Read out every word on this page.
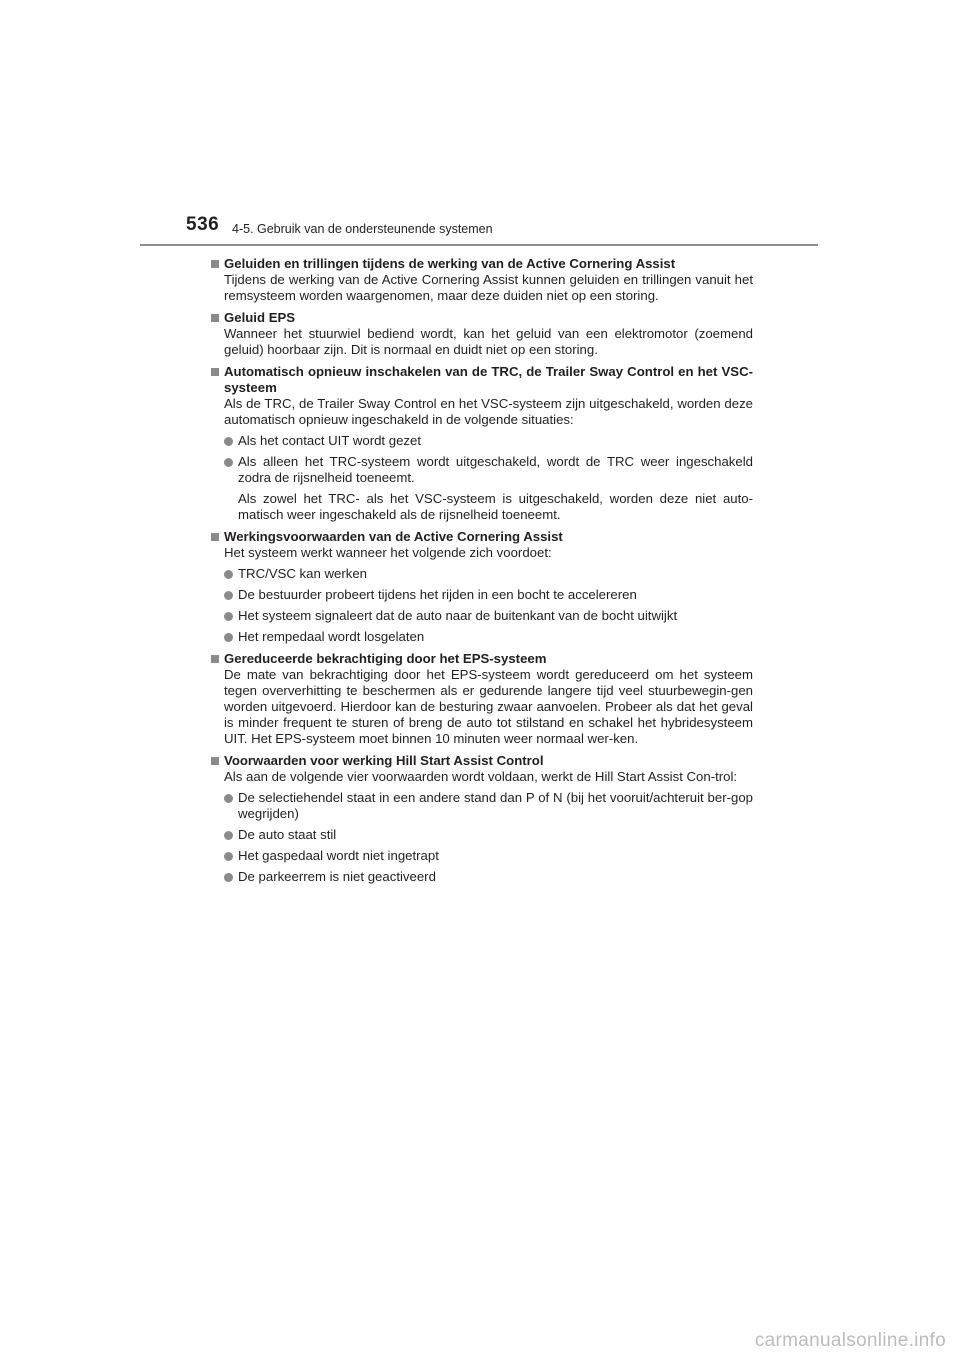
536 4-5. Gebruik van de ondersteunende systemen
Geluiden en trillingen tijdens de werking van de Active Cornering Assist
Tijdens de werking van de Active Cornering Assist kunnen geluiden en trillingen vanuit het remsysteem worden waargenomen, maar deze duiden niet op een storing.
Geluid EPS
Wanneer het stuurwiel bediend wordt, kan het geluid van een elektromotor (zoemend geluid) hoorbaar zijn. Dit is normaal en duidt niet op een storing.
Automatisch opnieuw inschakelen van de TRC, de Trailer Sway Control en het VSC-systeem
Als de TRC, de Trailer Sway Control en het VSC-systeem zijn uitgeschakeld, worden deze automatisch opnieuw ingeschakeld in de volgende situaties:
Als het contact UIT wordt gezet
Als alleen het TRC-systeem wordt uitgeschakeld, wordt de TRC weer ingeschakeld zodra de rijsnelheid toeneemt.
Als zowel het TRC- als het VSC-systeem is uitgeschakeld, worden deze niet auto-matisch weer ingeschakeld als de rijsnelheid toeneemt.
Werkingsvoorwaarden van de Active Cornering Assist
Het systeem werkt wanneer het volgende zich voordoet:
TRC/VSC kan werken
De bestuurder probeert tijdens het rijden in een bocht te accelereren
Het systeem signaleert dat de auto naar de buitenkant van de bocht uitwijkt
Het rempedaal wordt losgelaten
Gereduceerde bekrachtiging door het EPS-systeem
De mate van bekrachtiging door het EPS-systeem wordt gereduceerd om het systeem tegen oververhitting te beschermen als er gedurende langere tijd veel stuurbewegin-gen worden uitgevoerd. Hierdoor kan de besturing zwaar aanvoelen. Probeer als dat het geval is minder frequent te sturen of breng de auto tot stilstand en schakel het hybridesysteem UIT. Het EPS-systeem moet binnen 10 minuten weer normaal wer-ken.
Voorwaarden voor werking Hill Start Assist Control
Als aan de volgende vier voorwaarden wordt voldaan, werkt de Hill Start Assist Con-trol:
De selectiehendel staat in een andere stand dan P of N (bij het vooruit/achteruit ber-gop wegrijden)
De auto staat stil
Het gaspedaal wordt niet ingetrapt
De parkeerrem is niet geactiveerd
carmanualsonline.info
